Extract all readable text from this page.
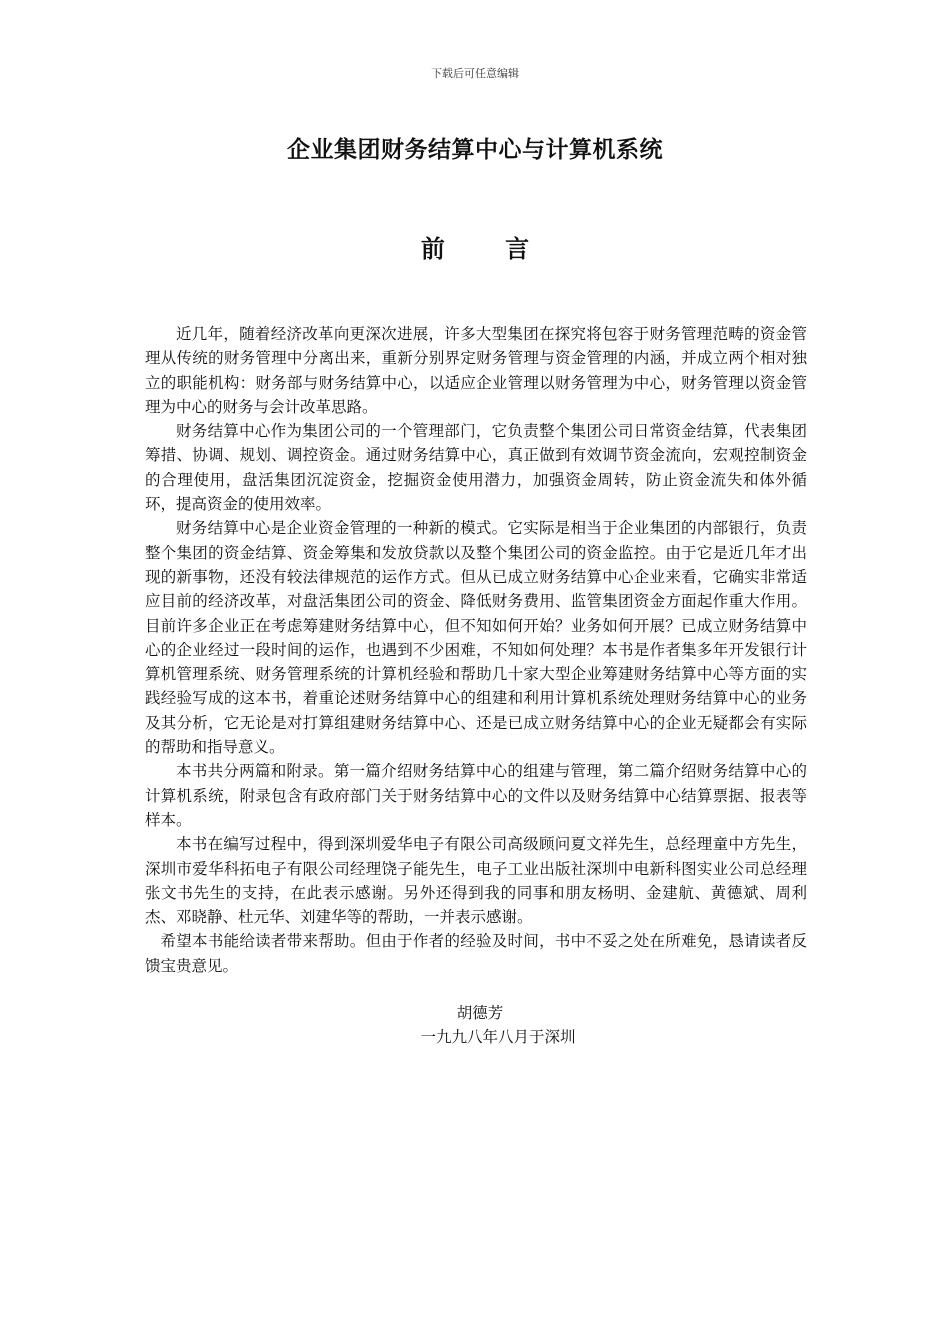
下载后可任意编辑
企业集团财务结算中心与计算机系统
前 言

近几年，随着经济改革向更深次进展，许多大型集团在探究将包容于财务管理范畴的资金管理从传统的财务管理中分离出来，重新分别界定财务管理与资金管理的内涵，并成立两个相对独立的职能机构：财务部与财务结算中心，以适应企业管理以财务管理为中心，财务管理以资金管理为中心的财务与会计改革思路。

财务结算中心作为集团公司的一个管理部门，它负责整个集团公司日常资金结算，代表集团筹措、协调、规划、调控资金。通过财务结算中心，真正做到有效调节资金流向，宏观控制资金的合理使用，盘活集团沉淀资金，挖掘资金使用潜力，加强资金周转，防止资金流失和体外循环，提高资金的使用效率。

财务结算中心是企业资金管理的一种新的模式。它实际是相当于企业集团的内部银行，负责整个集团的资金结算、资金筹集和发放贷款以及整个集团公司的资金监控。由于它是近几年才出现的新事物，还没有较法律规范的运作方式。但从已成立财务结算中心企业来看，它确实非常适应目前的经济改革，对盘活集团公司的资金、降低财务费用、监管集团资金方面起作重大作用。目前许多企业正在考虑筹建财务结算中心，但不知如何开始？业务如何开展？已成立财务结算中心的企业经过一段时间的运作，也遇到不少困难，不知如何处理？本书是作者集多年开发银行计算机管理系统、财务管理系统的计算机经验和帮助几十家大型企业筹建财务结算中心等方面的实践经验写成的这本书，着重论述财务结算中心的组建和利用计算机系统处理财务结算中心的业务及其分析，它无论是对打算组建财务结算中心、还是已成立财务结算中心的企业无疑都会有实际的帮助和指导意义。

本书共分两篇和附录。第一篇介绍财务结算中心的组建与管理，第二篇介绍财务结算中心的计算机系统，附录包含有政府部门关于财务结算中心的文件以及财务结算中心结算票据、报表等样本。

本书在编写过程中，得到深圳爱华电子有限公司高级顾问夏文祥先生，总经理童中方先生，深圳市爱华科拓电子有限公司经理饶子能先生，电子工业出版社深圳中电新科图实业公司总经理张文书先生的支持，在此表示感谢。另外还得到我的同事和朋友杨明、金建航、黄德斌、周利杰、邓晓静、杜元华、刘建华等的帮助，一并表示感谢。

希望本书能给读者带来帮助。但由于作者的经验及时间，书中不妥之处在所难免，恳请读者反馈宝贵意见。

胡德芳
一九九八年八月于深圳
